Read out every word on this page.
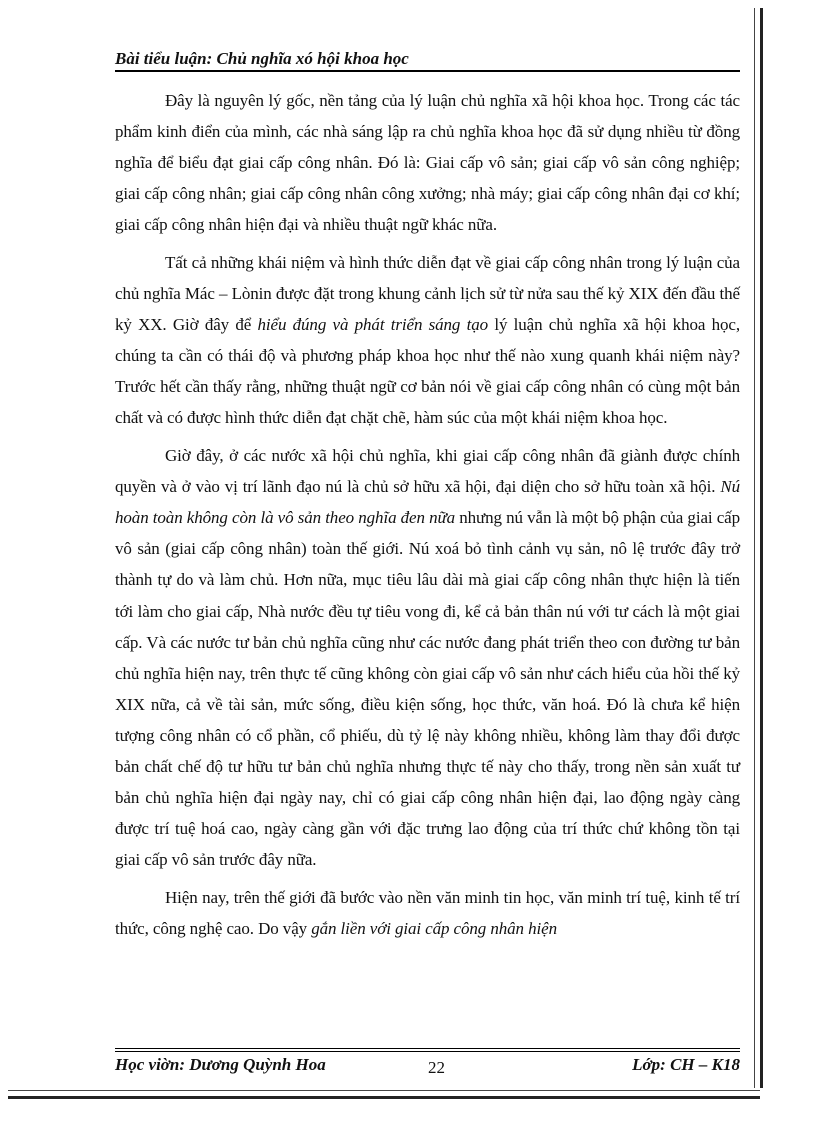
Bài tiểu luận: Chủ nghĩa xó hội khoa học

Đây là nguyên lý gốc, nền tảng của lý luận chủ nghĩa xã hội khoa học. Trong các tác phẩm kinh điển của mình, các nhà sáng lập ra chủ nghĩa khoa học đã sử dụng nhiều từ đồng nghĩa để biểu đạt giai cấp công nhân. Đó là: Giai cấp vô sản; giai cấp vô sản công nghiệp; giai cấp công nhân; giai cấp công nhân công xưởng; nhà máy; giai cấp công nhân đại cơ khí; giai cấp công nhân hiện đại và nhiều thuật ngữ khác nữa.

Tất cả những khái niệm và hình thức diễn đạt về giai cấp công nhân trong lý luận của chủ nghĩa Mác – Lònin được đặt trong khung cảnh lịch sử từ nửa sau thế kỷ XIX đến đầu thế kỷ XX. Giờ đây để hiểu đúng và phát triển sáng tạo lý luận chủ nghĩa xã hội khoa học, chúng ta cần có thái độ và phương pháp khoa học như thế nào xung quanh khái niệm này? Trước hết cần thấy rằng, những thuật ngữ cơ bản nói về giai cấp công nhân có cùng một bản chất và có được hình thức diễn đạt chặt chẽ, hàm súc của một khái niệm khoa học.

Giờ đây, ở các nước xã hội chủ nghĩa, khi giai cấp công nhân đã giành được chính quyền và ở vào vị trí lãnh đạo nú là chủ sở hữu xã hội, đại diện cho sở hữu toàn xã hội. Nú hoàn toàn không còn là vô sản theo nghĩa đen nữa nhưng nú vẫn là một bộ phận của giai cấp vô sản (giai cấp công nhân) toàn thế giới. Nú xoá bỏ tình cảnh vụ sản, nô lệ trước đây trở thành tự do và làm chủ. Hơn nữa, mục tiêu lâu dài mà giai cấp công nhân thực hiện là tiến tới làm cho giai cấp, Nhà nước đều tự tiêu vong đi, kể cả bản thân nú với tư cách là một giai cấp. Và các nước tư bản chủ nghĩa cũng như các nước đang phát triển theo con đường tư bản chủ nghĩa hiện nay, trên thực tế cũng không còn giai cấp vô sản như cách hiểu của hồi thế kỷ XIX nữa, cả về tài sản, mức sống, điều kiện sống, học thức, văn hoá. Đó là chưa kể hiện tượng công nhân có cổ phần, cổ phiếu, dù tỷ lệ này không nhiều, không làm thay đổi được bản chất chế độ tư hữu tư bản chủ nghĩa nhưng thực tế này cho thấy, trong nền sản xuất tư bản chủ nghĩa hiện đại ngày nay, chỉ có giai cấp công nhân hiện đại, lao động ngày càng được trí tuệ hoá cao, ngày càng gần với đặc trưng lao động của trí thức chứ không tồn tại giai cấp vô sản trước đây nữa.

Hiện nay, trên thế giới đã bước vào nền văn minh tin học, văn minh trí tuệ, kinh tế trí thức, công nghệ cao. Do vậy gắn liền với giai cấp công nhân hiện

Học viờn: Dương Quỳnh Hoa	22	Lớp: CH – K18
